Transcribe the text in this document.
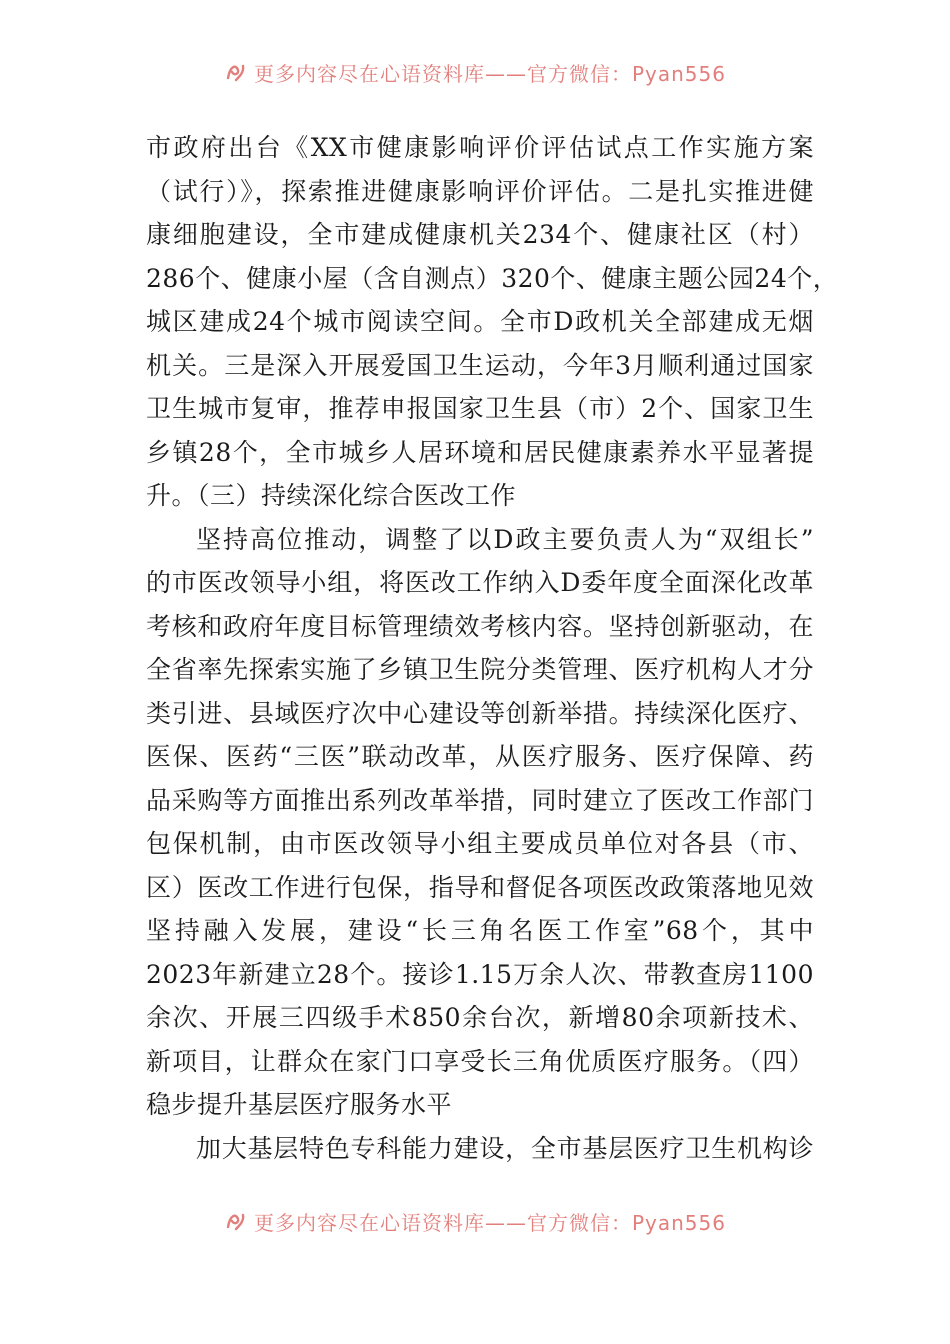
更多内容尽在心语资料库——官方微信：Pyan556
市政府出台《XX市健康影响评价评估试点工作实施方案
（试行）》，探索推进健康影响评价评估。二是扎实推进健
康细胞建设，全市建成健康机关234个、健康社区（村）
286个、健康小屋（含自测点）320个、健康主题公园24个，
城区建成24个城市阅读空间。全市D政机关全部建成无烟
机关。三是深入开展爱国卫生运动，今年3月顺利通过国家
卫生城市复审，推荐申报国家卫生县（市）2个、国家卫生
乡镇28个，全市城乡人居环境和居民健康素养水平显著提
升。（三）持续深化综合医改工作
坚持高位推动，调整了以D政主要负责人为“双组长”
的市医改领导小组，将医改工作纳入D委年度全面深化改革
考核和政府年度目标管理绩效考核内容。坚持创新驱动，在
全省率先探索实施了乡镇卫生院分类管理、医疗机构人才分
类引进、县域医疗次中心建设等创新举措。持续深化医疗、
医保、医药“三医”联动改革，从医疗服务、医疗保障、药
品采购等方面推出系列改革举措，同时建立了医改工作部门
包保机制，由市医改领导小组主要成员单位对各县（市、
区）医改工作进行包保，指导和督促各项医改政策落地见效
坚持融入发展，建设“长三角名医工作室”68个，其中
2023年新建立28个。接诊1.15万余人次、带教查房1100
余次、开展三四级手术850余台次，新增80余项新技术、
新项目，让群众在家门口享受长三角优质医疗服务。（四）
稳步提升基层医疗服务水平
加大基层特色专科能力建设，全市基层医疗卫生机构诊
更多内容尽在心语资料库——官方微信：Pyan556
